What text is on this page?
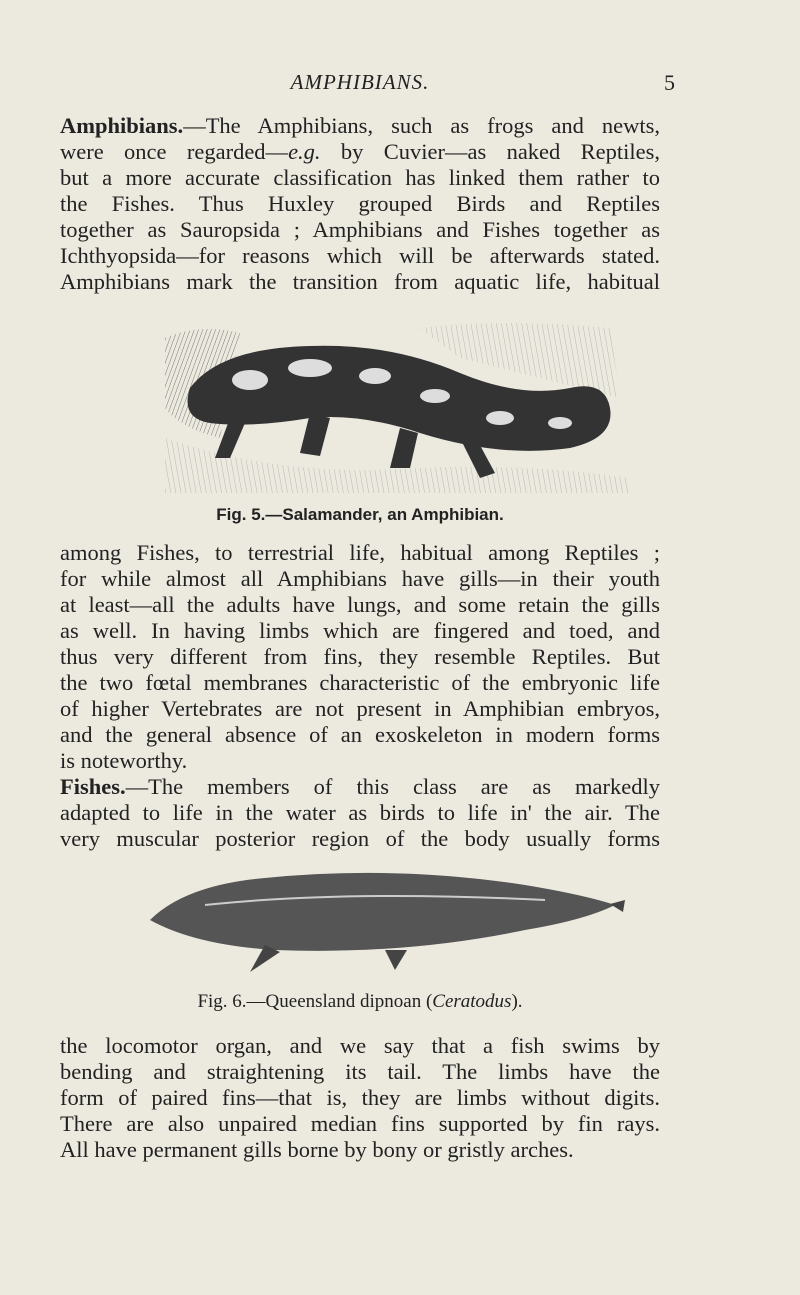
AMPHIBIANS.	5
Amphibians.—The Amphibians, such as frogs and newts,
were once regarded—e.g. by Cuvier—as naked Reptiles,
but a more accurate classification has linked them rather to
the Fishes. Thus Huxley grouped Birds and Reptiles
together as Sauropsida ; Amphibians and Fishes together as
Ichthyopsida—for reasons which will be afterwards stated.
Amphibians mark the transition from aquatic life, habitual
Fig. 5.—Salamander, an Amphibian.
among Fishes, to terrestrial life, habitual among Reptiles ;
for while almost all Amphibians have gills—in their youth
at least—all the adults have lungs, and some retain the gills
as well. In having limbs which are fingered and toed, and
thus very different from fins, they resemble Reptiles. But
the two fœtal membranes characteristic of the embryonic life
of higher Vertebrates are not present in Amphibian embryos,
and the general absence of an exoskeleton in modern forms
is noteworthy.
Fishes.—The members of this class are as markedly
adapted to life in the water as birds to life in' the air. The
very muscular posterior region of the body usually forms
Fig. 6.—Queensland dipnoan (Ceratodus).
the locomotor organ, and we say that a fish swims by
bending and straightening its tail. The limbs have the
form of paired fins—that is, they are limbs without digits.
There are also unpaired median fins supported by fin rays.
All have permanent gills borne by bony or gristly arches.
